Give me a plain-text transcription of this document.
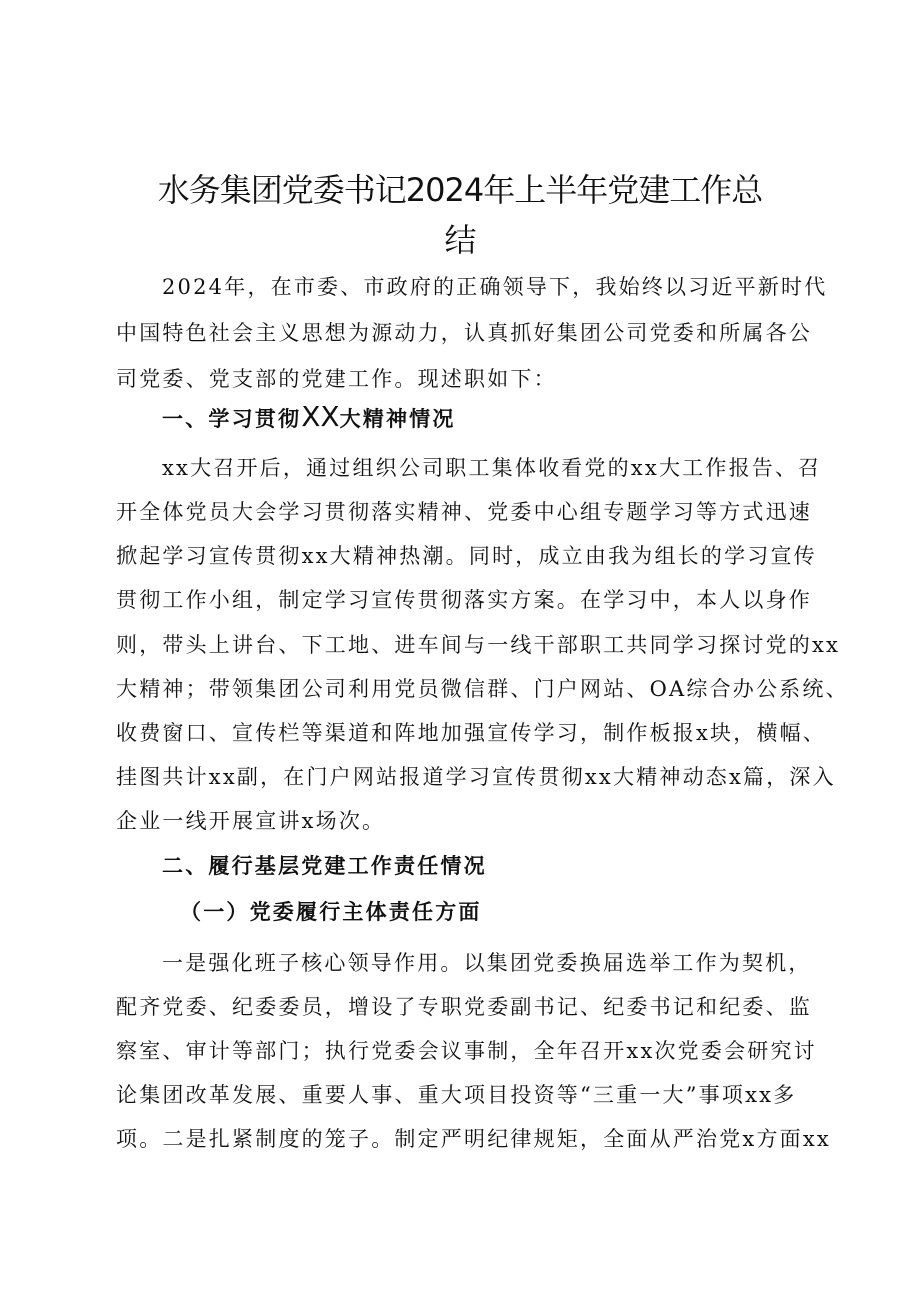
水务集团党委书记2024年上半年党建工作总
结
2024年，在市委、市政府的正确领导下，我始终以习近平新时代
中国特色社会主义思想为源动力，认真抓好集团公司党委和所属各公
司党委、党支部的党建工作。现述职如下：
一、学习贯彻XX大精神情况
xx大召开后，通过组织公司职工集体收看党的xx大工作报告、召
开全体党员大会学习贯彻落实精神、党委中心组专题学习等方式迅速
掀起学习宣传贯彻xx大精神热潮。同时，成立由我为组长的学习宣传
贯彻工作小组，制定学习宣传贯彻落实方案。在学习中，本人以身作
则，带头上讲台、下工地、进车间与一线干部职工共同学习探讨党的xx
大精神；带领集团公司利用党员微信群、门户网站、OA综合办公系统、
收费窗口、宣传栏等渠道和阵地加强宣传学习，制作板报x块，横幅、
挂图共计xx副，在门户网站报道学习宣传贯彻xx大精神动态x篇，深入
企业一线开展宣讲x场次。
二、履行基层党建工作责任情况
（一）党委履行主体责任方面
一是强化班子核心领导作用。以集团党委换届选举工作为契机，
配齐党委、纪委委员，增设了专职党委副书记、纪委书记和纪委、监
察室、审计等部门；执行党委会议事制，全年召开xx次党委会研究讨
论集团改革发展、重要人事、重大项目投资等“三重一大”事项xx多
项。二是扎紧制度的笼子。制定严明纪律规矩，全面从严治党x方面xx
